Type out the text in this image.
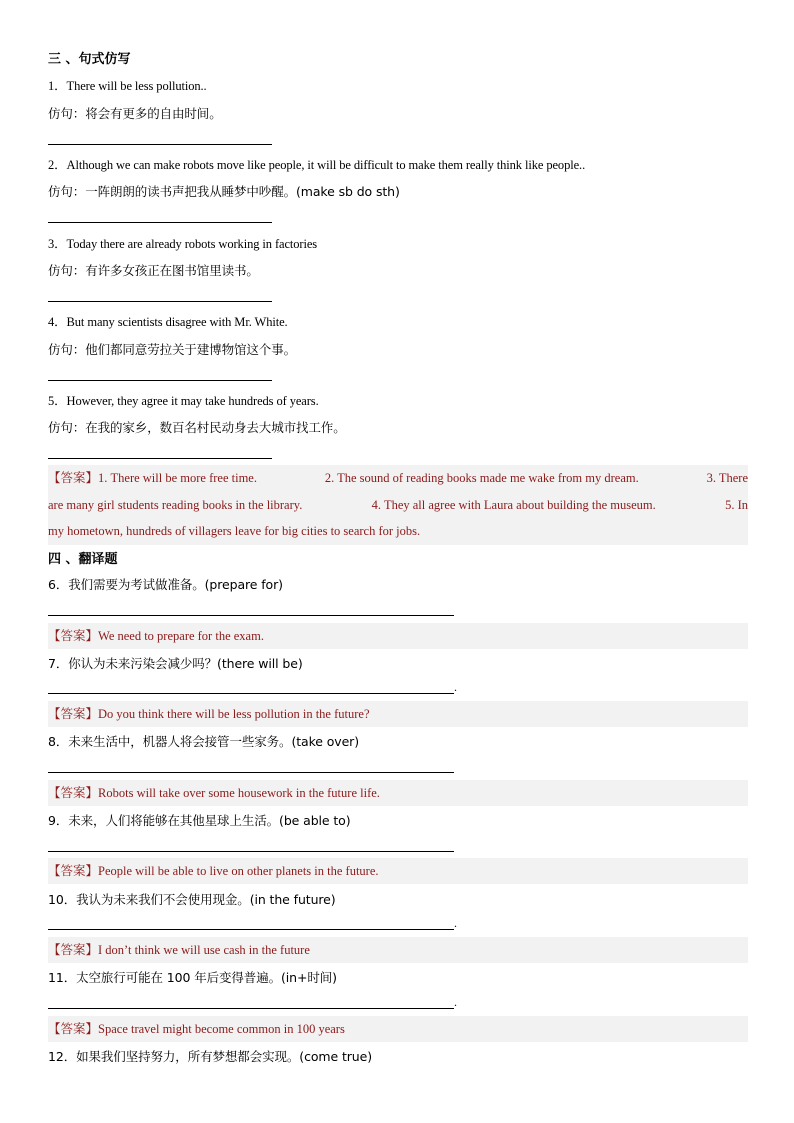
三 、句式仿写
1．There will be less pollution..
仿句：将会有更多的自由时间。
2．Although we can make robots move like people, it will be difficult to make them really think like people..
仿句：一阵朗朗的读书声把我从睡梦中吵醒。(make sb do sth)
3．Today there are already robots working in factories
仿句：有许多女孩正在图书馆里读书。
4．But many scientists disagree with Mr. White.
仿句：他们都同意劳拉关于建博物馆这个事。
5．However, they agree it may take hundreds of years.
仿句：在我的家乡，数百名村民动身去大城市找工作。
【答案】1. There will be more free time.	2. The sound of reading books made me wake from my dream.	3. There
are many girl students reading books in the library.	4. They all agree with Laura about building the museum.	5. In
my hometown, hundreds of villagers leave for big cities to search for jobs.
四 、翻译题
6．我们需要为考试做准备。(prepare for)
【答案】We need to prepare for the exam.
7．你认为未来污染会减少吗？(there will be)
.
【答案】Do you think there will be less pollution in the future?
8．未来生活中，机器人将会接管一些家务。(take over)
【答案】Robots will take over some housework in the future life.
9．未来，人们将能够在其他星球上生活。(be able to)
【答案】People will be able to live on other planets in the future.
10．我认为未来我们不会使用现金。(in the future)
.
【答案】I don’t think we will use cash in the future
11．太空旅行可能在 100 年后变得普遍。(in+时间)
.
【答案】Space travel might become common in 100 years
12．如果我们坚持努力，所有梦想都会实现。(come true)
